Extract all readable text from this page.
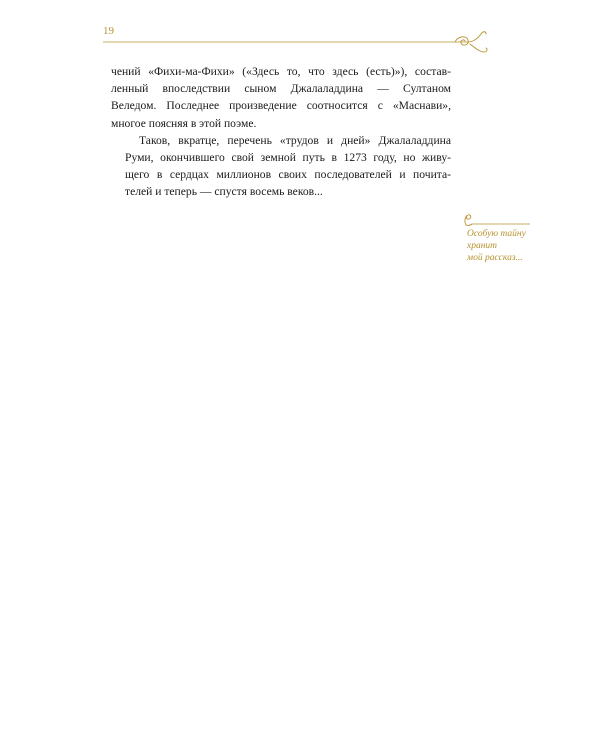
19

чений «Фихи-ма-Фихи» («Здесь то, что здесь (есть)»), состав-
ленный впоследствии сыном Джалаладдина — Султаном
Веледом. Последнее произведение соотносится с «Маснави»,
многое поясняя в этой поэме.

Таков, вкратце, перечень «трудов и дней» Джалаладдина
Руми, окончившего свой земной путь в 1273 году, но живу-
щего в сердцах миллионов своих последователей и почита-
телей и теперь — спустя восемь веков...

Особую тайну
хранит
мой рассказ...
